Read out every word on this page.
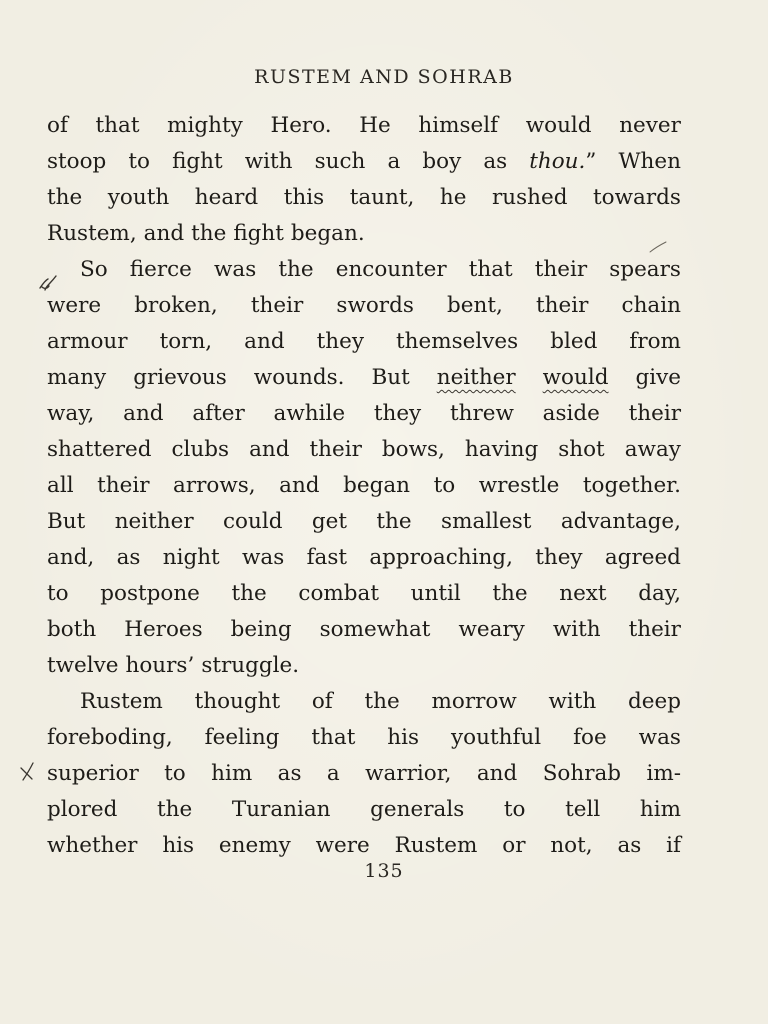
RUSTEM AND SOHRAB
of that mighty Hero. He himself would never
stoop to fight with such a boy as thou.” When
the youth heard this taunt, he rushed towards
Rustem, and the fight began.
So fierce was the encounter that their spears
were broken, their swords bent, their chain
armour torn, and they themselves bled from
many grievous wounds. But neither would give
way, and after awhile they threw aside their
shattered clubs and their bows, having shot away
all their arrows, and began to wrestle together.
But neither could get the smallest advantage,
and, as night was fast approaching, they agreed
to postpone the combat until the next day,
both Heroes being somewhat weary with their
twelve hours’ struggle.
Rustem thought of the morrow with deep
foreboding, feeling that his youthful foe was
superior to him as a warrior, and Sohrab im-
plored the Turanian generals to tell him
whether his enemy were Rustem or not, as if
135
